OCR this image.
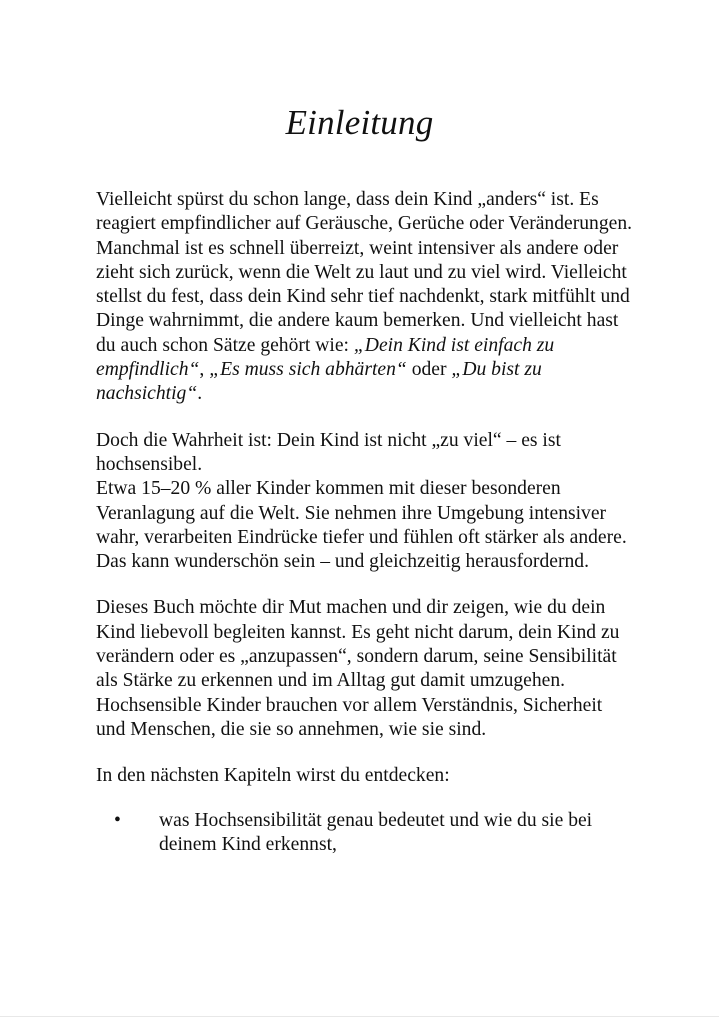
Einleitung

Vielleicht spürst du schon lange, dass dein Kind „anders“ ist. Es reagiert empfindlicher auf Geräusche, Gerüche oder Veränderungen. Manchmal ist es schnell überreizt, weint intensiver als andere oder zieht sich zurück, wenn die Welt zu laut und zu viel wird. Vielleicht stellst du fest, dass dein Kind sehr tief nachdenkt, stark mitfühlt und Dinge wahrnimmt, die andere kaum bemerken. Und vielleicht hast du auch schon Sätze gehört wie: „Dein Kind ist einfach zu empfindlich“, „Es muss sich abhärten“ oder „Du bist zu nachsichtig“.

Doch die Wahrheit ist: Dein Kind ist nicht „zu viel“ – es ist hochsensibel.

Etwa 15–20 % aller Kinder kommen mit dieser besonderen Veranlagung auf die Welt. Sie nehmen ihre Umgebung intensiver wahr, verarbeiten Eindrücke tiefer und fühlen oft stärker als andere. Das kann wunderschön sein – und gleichzeitig herausfordernd.

Dieses Buch möchte dir Mut machen und dir zeigen, wie du dein Kind liebevoll begleiten kannst. Es geht nicht darum, dein Kind zu verändern oder es „anzupassen“, sondern darum, seine Sensibilität als Stärke zu erkennen und im Alltag gut damit umzugehen. Hochsensible Kinder brauchen vor allem Verständnis, Sicherheit und Menschen, die sie so annehmen, wie sie sind.

In den nächsten Kapiteln wirst du entdecken:

• was Hochsensibilität genau bedeutet und wie du sie bei deinem Kind erkennst,
